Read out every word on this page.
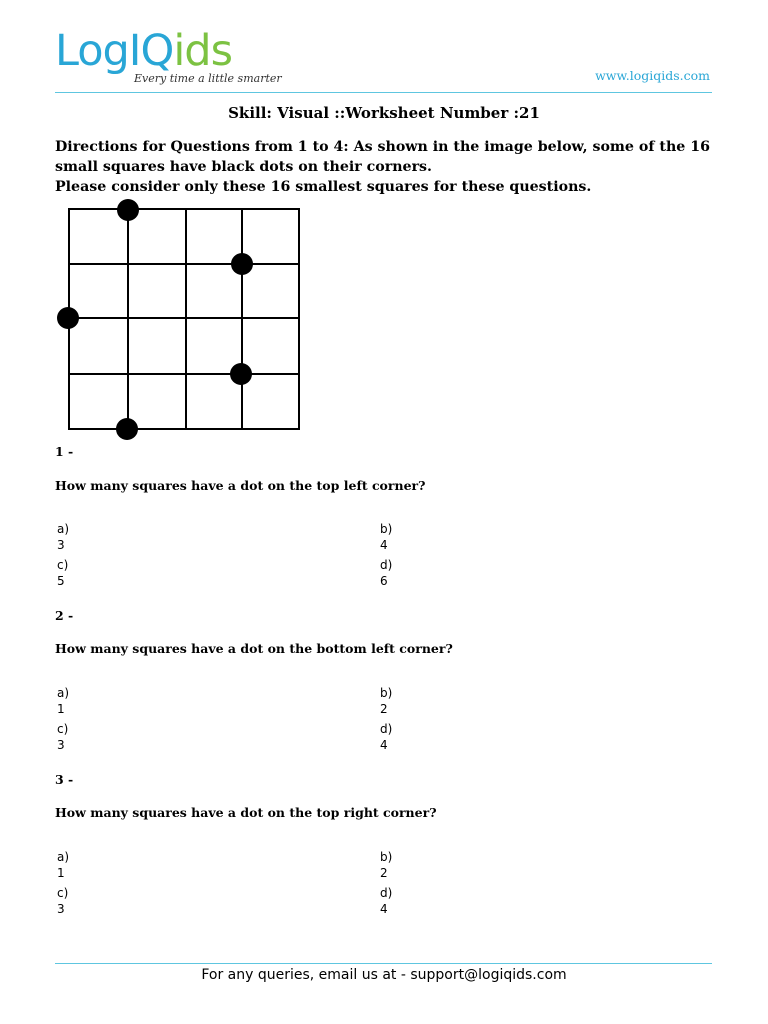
LogIQids
Every time a little smarter	www.logiqids.com
Skill: Visual ::Worksheet Number :21
Directions for Questions from 1 to 4: As shown in the image below, some of the 16
small squares have black dots on their corners.
Please consider only these 16 smallest squares for these questions.
1 -
How many squares have a dot on the top left corner?
a)
3
b)
4
c)
5
d)
6
2 -
How many squares have a dot on the bottom left corner?
a)
1
b)
2
c)
3
d)
4
3 -
How many squares have a dot on the top right corner?
a)
1
b)
2
c)
3
d)
4
For any queries, email us at - support@logiqids.com
